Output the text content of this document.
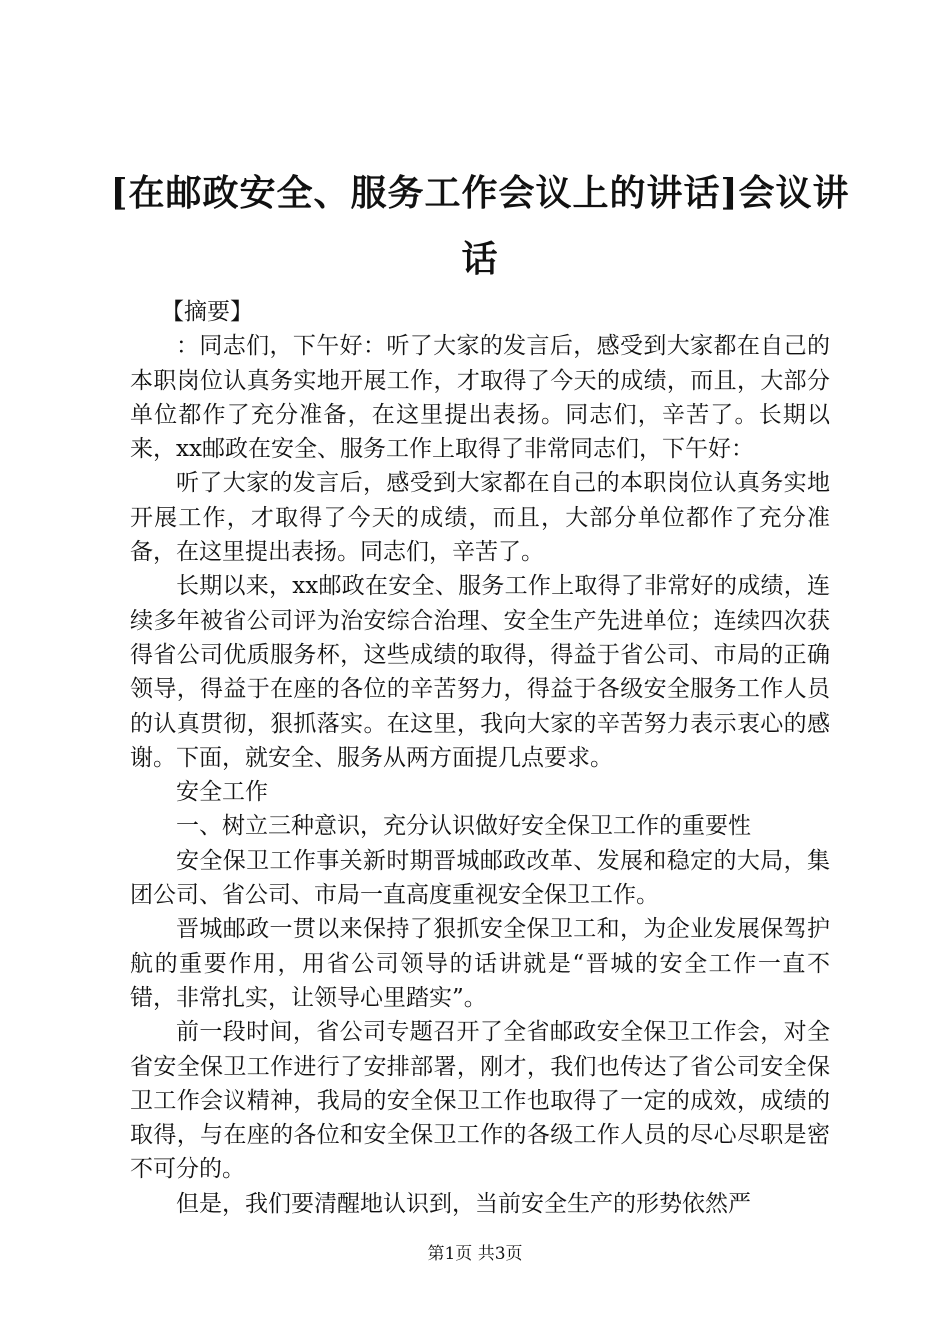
[在邮政安全、服务工作会议上的讲话]会议讲话

【摘要】

：同志们，下午好：听了大家的发言后，感受到大家都在自己的本职岗位认真务实地开展工作，才取得了今天的成绩，而且，大部分单位都作了充分准备，在这里提出表扬。同志们，辛苦了。长期以来，xx邮政在安全、服务工作上取得了非常同志们，下午好：

听了大家的发言后，感受到大家都在自己的本职岗位认真务实地开展工作，才取得了今天的成绩，而且，大部分单位都作了充分准备，在这里提出表扬。同志们，辛苦了。

长期以来，xx邮政在安全、服务工作上取得了非常好的成绩，连续多年被省公司评为治安综合治理、安全生产先进单位；连续四次获得省公司优质服务杯，这些成绩的取得，得益于省公司、市局的正确领导，得益于在座的各位的辛苦努力，得益于各级安全服务工作人员的认真贯彻，狠抓落实。在这里，我向大家的辛苦努力表示衷心的感谢。下面，就安全、服务从两方面提几点要求。

安全工作

一、树立三种意识，充分认识做好安全保卫工作的重要性

安全保卫工作事关新时期晋城邮政改革、发展和稳定的大局，集团公司、省公司、市局一直高度重视安全保卫工作。

晋城邮政一贯以来保持了狠抓安全保卫工和，为企业发展保驾护航的重要作用，用省公司领导的话讲就是“晋城的安全工作一直不错，非常扎实，让领导心里踏实”。

前一段时间，省公司专题召开了全省邮政安全保卫工作会，对全省安全保卫工作进行了安排部署，刚才，我们也传达了省公司安全保卫工作会议精神，我局的安全保卫工作也取得了一定的成效，成绩的取得，与在座的各位和安全保卫工作的各级工作人员的尽心尽职是密不可分的。

但是，我们要清醒地认识到，当前安全生产的形势依然严

第1页 共3页
